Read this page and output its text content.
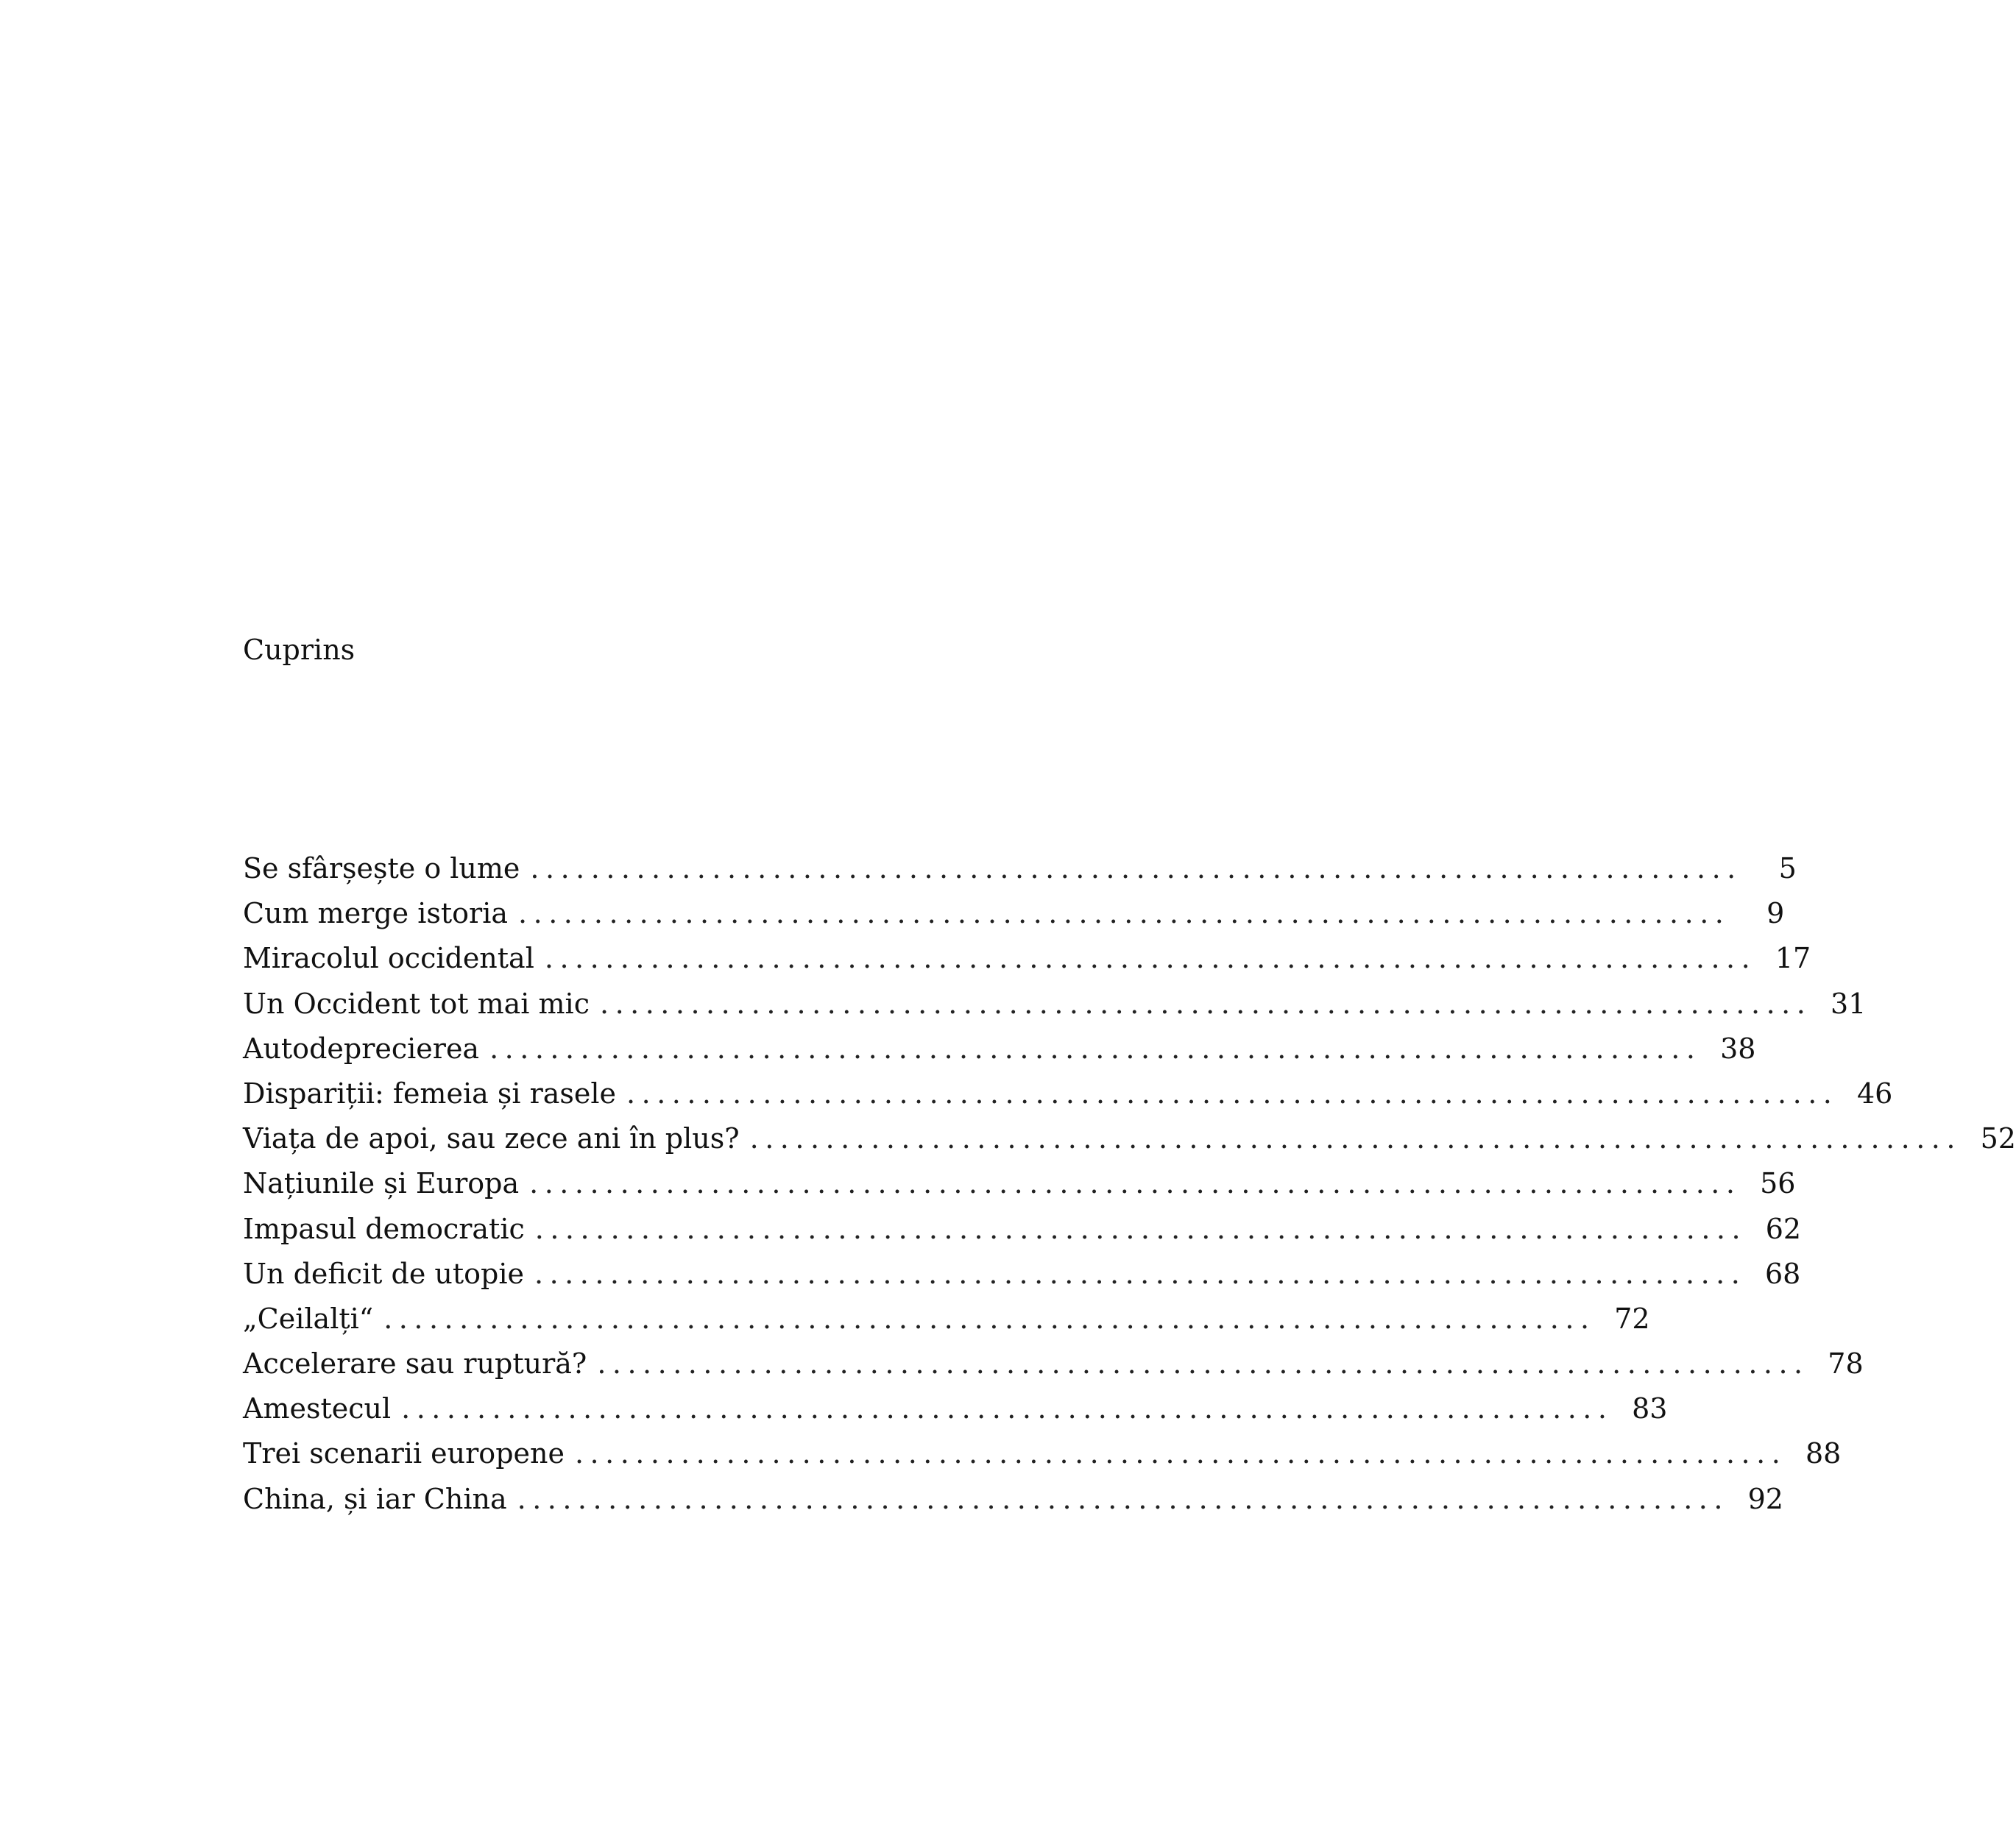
Cuprins
Se sfârșește o lume ................................................................................	5
Cum merge istoria ................................................................................	9
Miracolul occidental ................................................................................ 17
Un Occident tot mai mic ................................................................................ 31
Autodeprecierea ................................................................................ 38
Dispariții: femeia și rasele ................................................................................ 46
Viața de apoi, sau zece ani în plus? ................................................................................ 52
Națiunile și Europa ................................................................................ 56
Impasul democratic ................................................................................ 62
Un deficit de utopie ................................................................................ 68
„Ceilalți“ ................................................................................ 72
Accelerare sau ruptură? ................................................................................ 78
Amestecul ................................................................................ 83
Trei scenarii europene ................................................................................ 88
China, și iar China ................................................................................ 92
